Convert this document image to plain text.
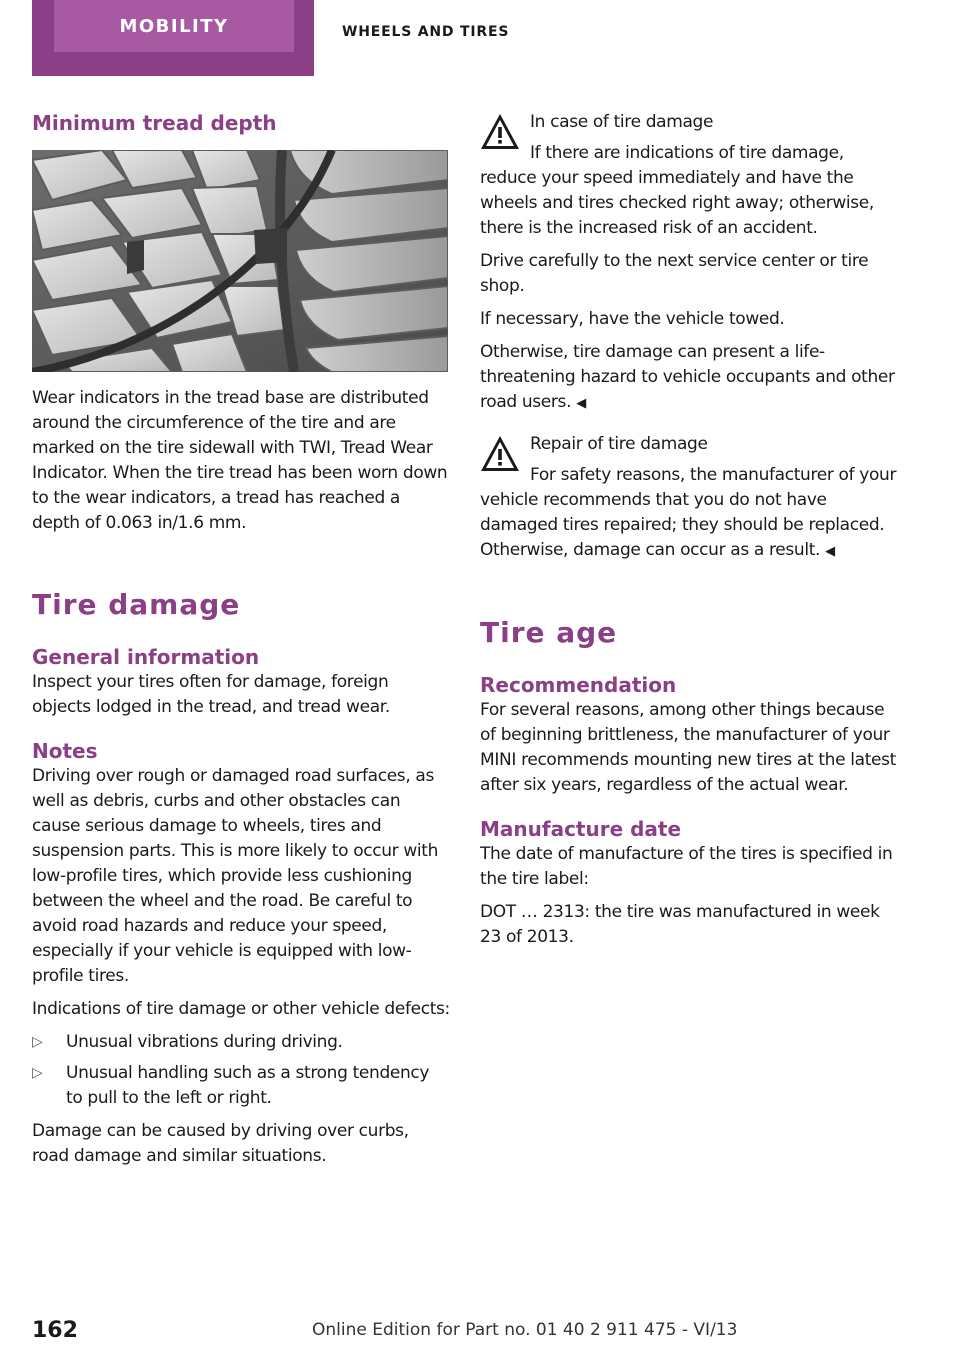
MOBILITY	WHEELS AND TIRES
Minimum tread depth

Wear indicators in the tread base are distributed around the circumference of the tire and are marked on the tire sidewall with TWI, Tread Wear Indicator. When the tire tread has been worn down to the wear indicators, a tread has reached a depth of 0.063 in/1.6 mm.

Tire damage
General information

Inspect your tires often for damage, foreign objects lodged in the tread, and tread wear.

Notes

Driving over rough or damaged road surfaces, as well as debris, curbs and other obstacles can cause serious damage to wheels, tires and suspension parts. This is more likely to occur with low-profile tires, which provide less cushioning between the wheel and the road. Be careful to avoid road hazards and reduce your speed, especially if your vehicle is equipped with low-profile tires.

Indications of tire damage or other vehicle defects:

▷ Unusual vibrations during driving.
▷ Unusual handling such as a strong tendency to pull to the left or right.

Damage can be caused by driving over curbs, road damage and similar situations.

In case of tire damage

If there are indications of tire damage, reduce your speed immediately and have the wheels and tires checked right away; otherwise, there is the increased risk of an accident.

Drive carefully to the next service center or tire shop.

If necessary, have the vehicle towed.

Otherwise, tire damage can present a life-threatening hazard to vehicle occupants and other road users. ◀

Repair of tire damage

For safety reasons, the manufacturer of your vehicle recommends that you do not have damaged tires repaired; they should be replaced. Otherwise, damage can occur as a result. ◀

Tire age
Recommendation

For several reasons, among other things because of beginning brittleness, the manufacturer of your MINI recommends mounting new tires at the latest after six years, regardless of the actual wear.

Manufacture date

The date of manufacture of the tires is specified in the tire label:

DOT … 2313: the tire was manufactured in week 23 of 2013.

162	Online Edition for Part no. 01 40 2 911 475 - VI/13
